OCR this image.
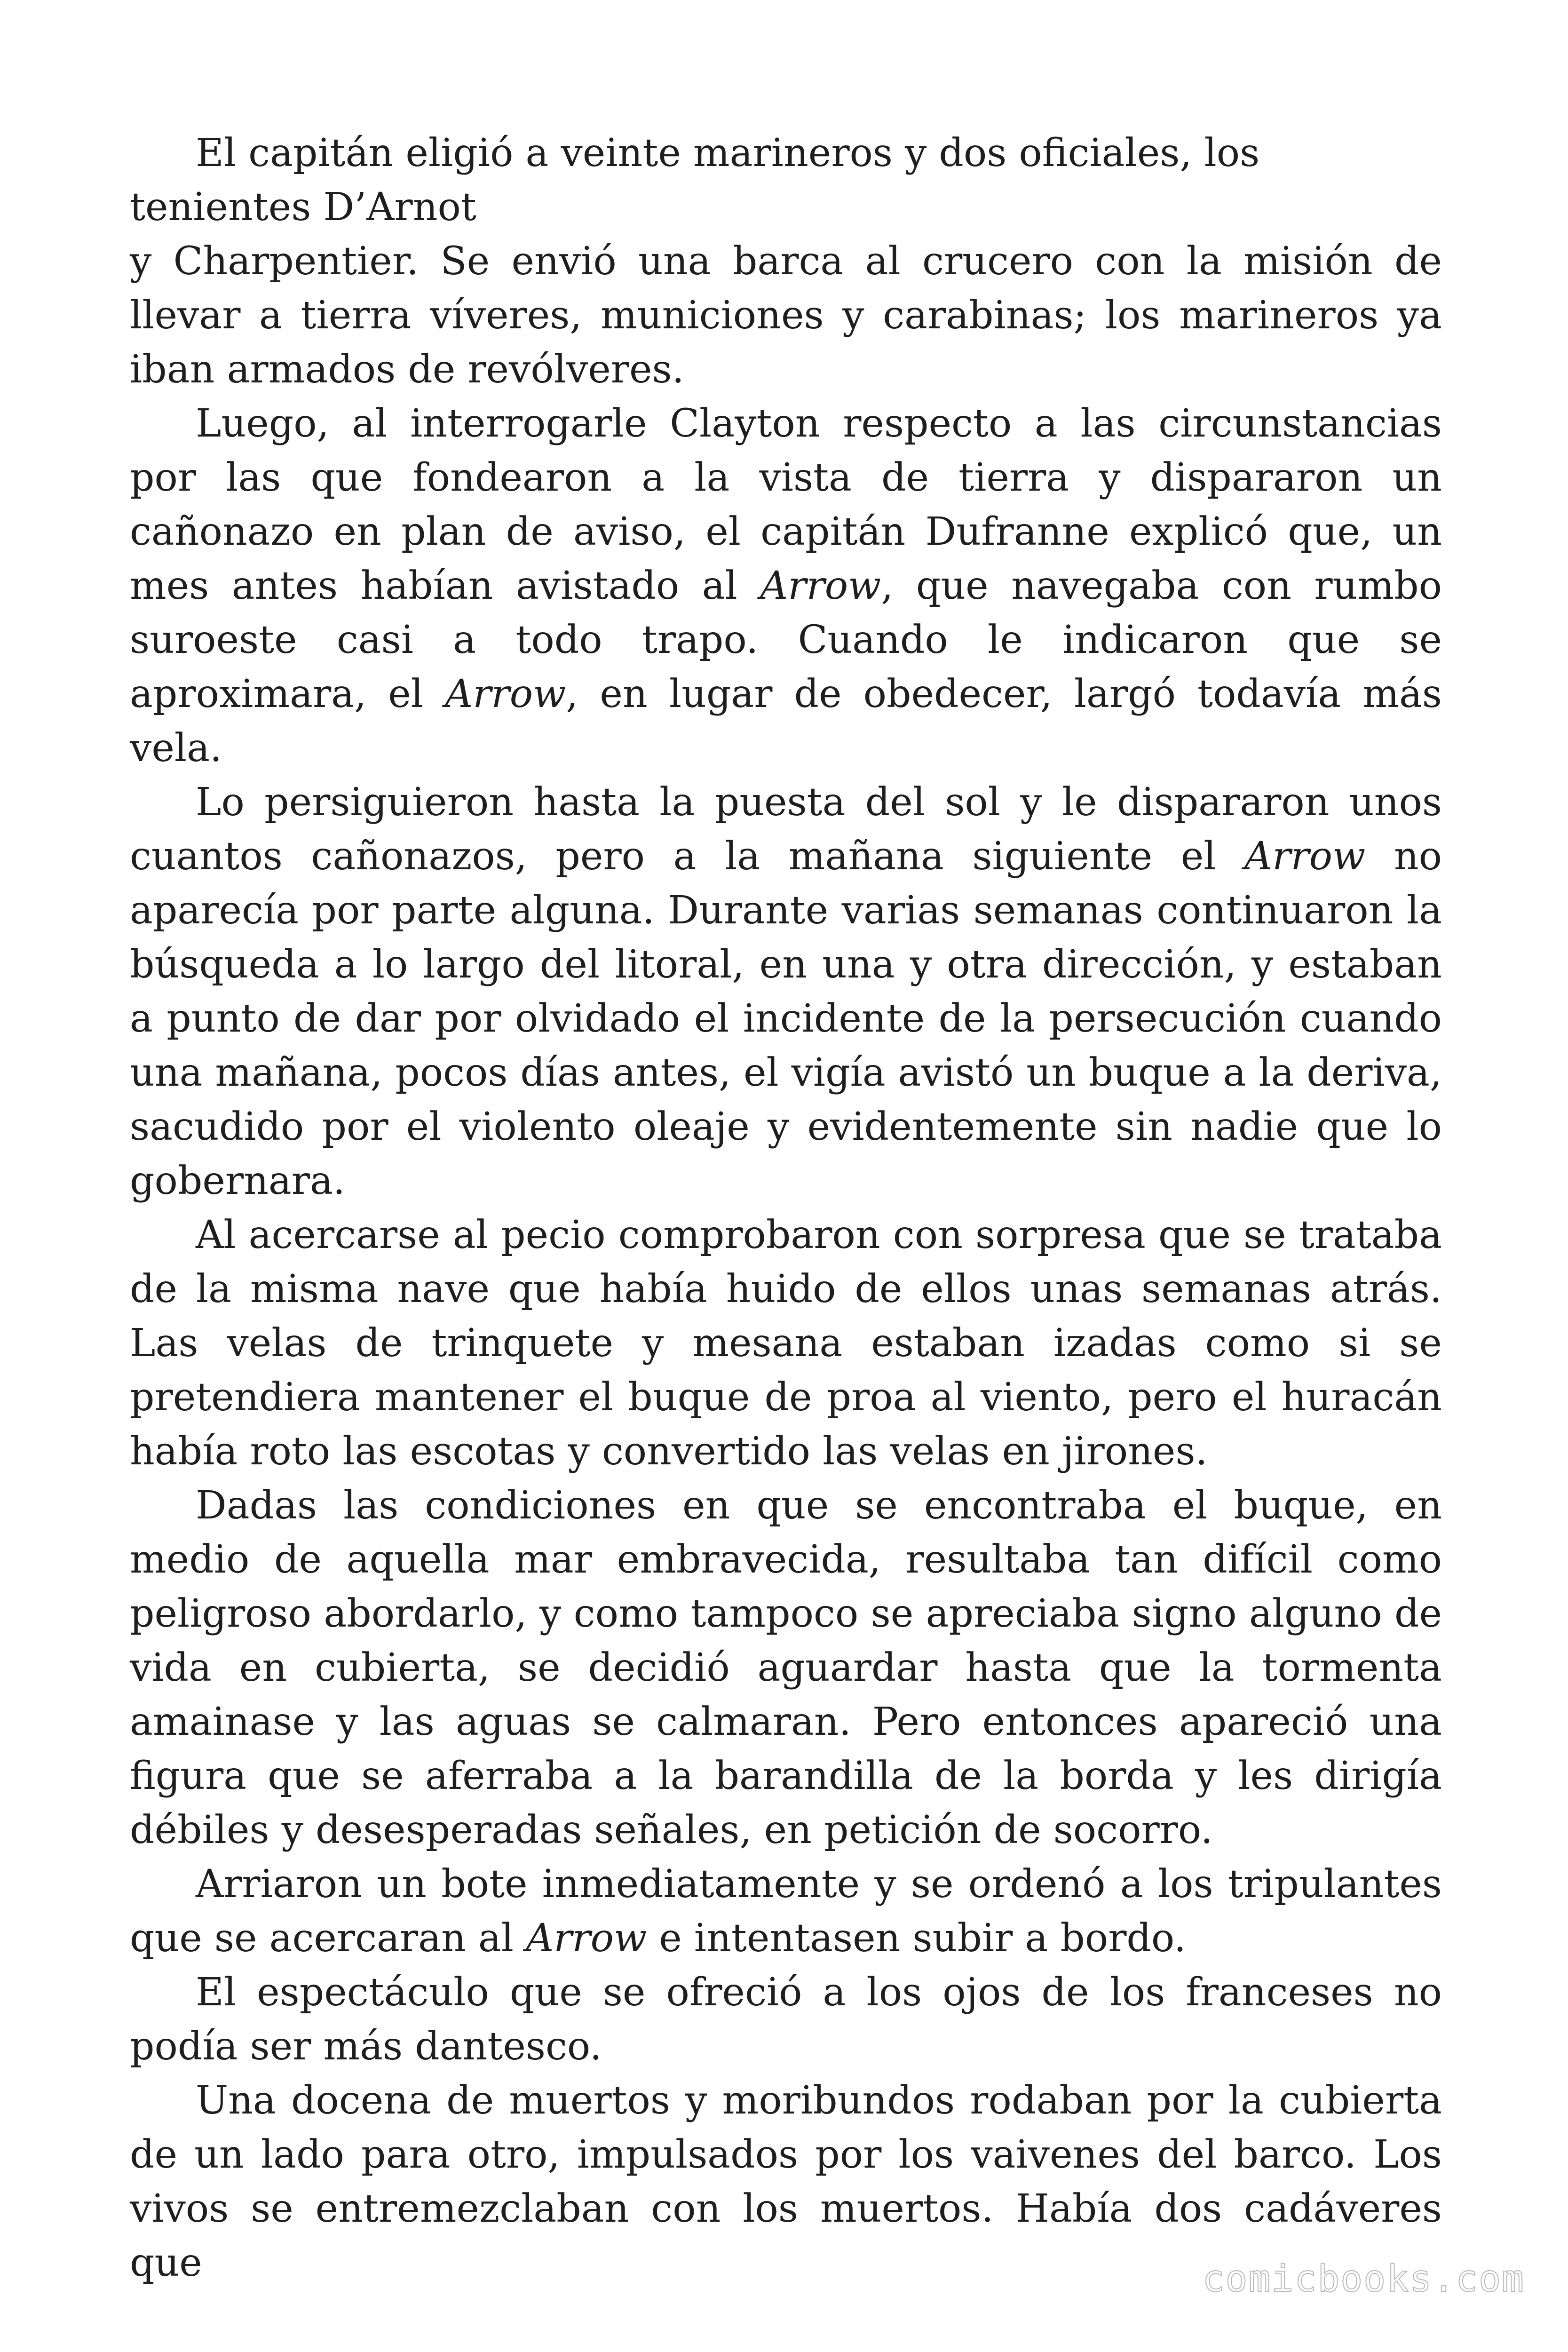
El capitán eligió a veinte marineros y dos oficiales, los tenientes D’Arnot

y Charpentier. Se envió una barca al crucero con la misión de llevar a tierra víveres, municiones y carabinas; los marineros ya iban armados de revólveres.

Luego, al interrogarle Clayton respecto a las circunstancias por las que fondearon a la vista de tierra y dispararon un cañonazo en plan de aviso, el capitán Dufranne explicó que, un mes antes habían avistado al Arrow, que navegaba con rumbo suroeste casi a todo trapo. Cuando le indicaron que se aproximara, el Arrow, en lugar de obedecer, largó todavía más vela.

Lo persiguieron hasta la puesta del sol y le dispararon unos cuantos cañonazos, pero a la mañana siguiente el Arrow no aparecía por parte alguna. Durante varias semanas continuaron la búsqueda a lo largo del litoral, en una y otra dirección, y estaban a punto de dar por olvidado el incidente de la persecución cuando una mañana, pocos días antes, el vigía avistó un buque a la deriva, sacudido por el violento oleaje y evidentemente sin nadie que lo gobernara.

Al acercarse al pecio comprobaron con sorpresa que se trataba de la misma nave que había huido de ellos unas semanas atrás. Las velas de trinquete y mesana estaban izadas como si se pretendiera mantener el buque de proa al viento, pero el huracán había roto las escotas y convertido las velas en jirones.

Dadas las condiciones en que se encontraba el buque, en medio de aquella mar embravecida, resultaba tan difícil como peligroso abordarlo, y como tampoco se apreciaba signo alguno de vida en cubierta, se decidió aguardar hasta que la tormenta amainase y las aguas se calmaran. Pero entonces apareció una figura que se aferraba a la barandilla de la borda y les dirigía débiles y desesperadas señales, en petición de socorro.

Arriaron un bote inmediatamente y se ordenó a los tripulantes que se acercaran al Arrow e intentasen subir a bordo.

El espectáculo que se ofreció a los ojos de los franceses no podía ser más dantesco.

Una docena de muertos y moribundos rodaban por la cubierta de un lado para otro, impulsados por los vaivenes del barco. Los vivos se entremezclaban con los muertos. Había dos cadáveres que	comicbooks.com
